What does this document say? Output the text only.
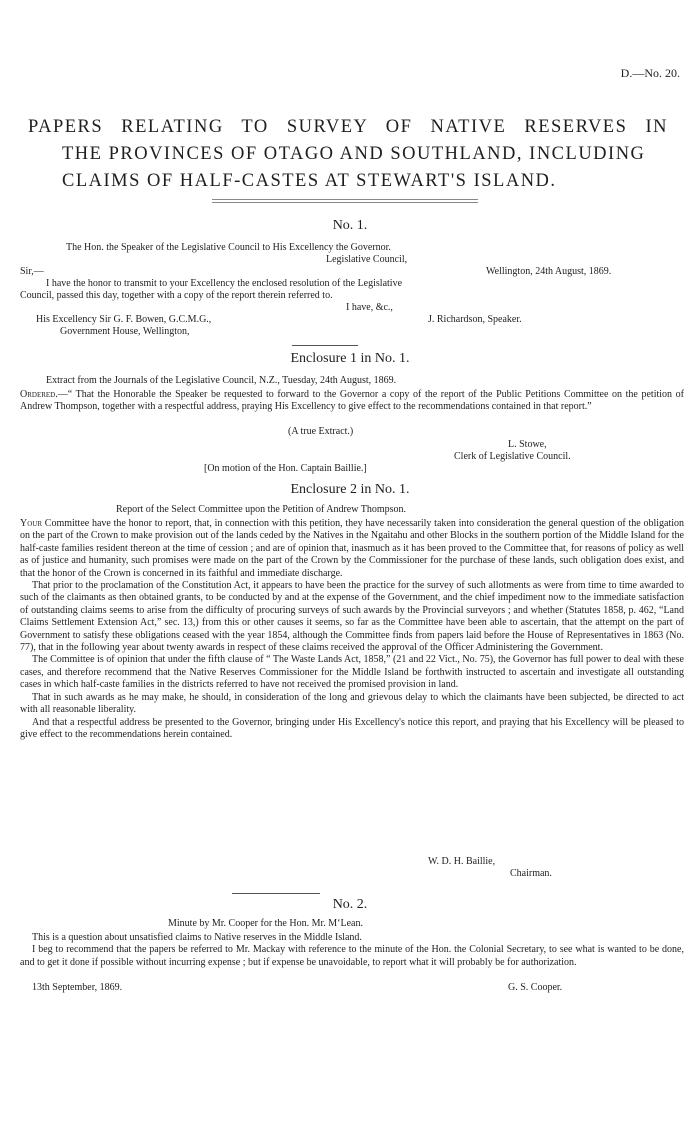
D.—No. 20.

PAPERS RELATING TO SURVEY OF NATIVE RESERVES IN

THE PROVINCES OF OTAGO AND SOUTHLAND, INCLUDING

CLAIMS OF HALF-CASTES AT STEWART'S ISLAND.

No. 1.
The Hon. the Speaker of the Legislative Council to His Excellency the Governor.
Legislative Council,
Sir,—	Wellington, 24th August, 1869.
I have the honor to transmit to your Excellency the enclosed resolution of the Legislative
Council, passed this day, together with a copy of the report therein referred to.
I have, &c.,
His Excellency Sir G. F. Bowen, G.C.M.G.,	J. Richardson, Speaker.
Government House, Wellington,
Enclosure 1 in No. 1.
Extract from the Journals of the Legislative Council, N.Z., Tuesday, 24th August, 1869.

Ordered.—“ That the Honorable the Speaker be requested to forward to the Governor a copy of the report of the Public Petitions Committee on the petition of Andrew Thompson, together with a respectful address, praying His Excellency to give effect to the recommendations contained in that report.”

(A true Extract.)
L. Stowe,
Clerk of Legislative Council.
[On motion of the Hon. Captain Baillie.]
Enclosure 2 in No. 1.
Report of the Select Committee upon the Petition of Andrew Thompson.

Your Committee have the honor to report, that, in connection with this petition, they have necessarily taken into consideration the general question of the obligation on the part of the Crown to make provision out of the lands ceded by the Natives in the Ngaitahu and other Blocks in the southern portion of the Middle Island for the half-caste families resident thereon at the time of cession ; and are of opinion that, inasmuch as it has been proved to the Committee that, for reasons of policy as well as of justice and humanity, such promises were made on the part of the Crown by the Commissioner for the purchase of these lands, such obligation does exist, and that the honor of the Crown is concerned in its faithful and immediate discharge.

That prior to the proclamation of the Constitution Act, it appears to have been the practice for the survey of such allotments as were from time to time awarded to such of the claimants as then obtained grants, to be conducted by and at the expense of the Government, and the chief impediment now to the immediate satisfaction of outstanding claims seems to arise from the difficulty of procuring surveys of such awards by the Provincial surveyors ; and whether (Statutes 1858, p. 462, “Land Claims Settlement Extension Act,” sec. 13,) from this or other causes it seems, so far as the Committee have been able to ascertain, that the attempt on the part of Government to satisfy these obligations ceased with the year 1854, although the Committee finds from papers laid before the House of Representatives in 1863 (No. 77), that in the following year about twenty awards in respect of these claims received the approval of the Officer Administering the Government.

The Committee is of opinion that under the fifth clause of “ The Waste Lands Act, 1858,” (21 and 22 Vict., No. 75), the Governor has full power to deal with these cases, and therefore recommend that the Native Reserves Commissioner for the Middle Island be forthwith instructed to ascertain and investigate all outstanding cases in which half-caste families in the districts referred to have not received the promised provision in land.

That in such awards as he may make, he should, in consideration of the long and grievous delay to which the claimants have been subjected, be directed to act with all reasonable liberality.

And that a respectful address be presented to the Governor, bringing under His Excellency's notice this report, and praying that his Excellency will be pleased to give effect to the recommendations herein contained.

W. D. H. Baillie,
Chairman.
No. 2.
Minute by Mr. Cooper for the Hon. Mr. M‘Lean.

This is a question about unsatisfied claims to Native reserves in the Middle Island.

I beg to recommend that the papers be referred to Mr. Mackay with reference to the minute of the Hon. the Colonial Secretary, to see what is wanted to be done, and to get it done if possible without incurring expense ; but if expense be unavoidable, to report what it will probably be for authorization.

13th September, 1869.	G. S. Cooper.
